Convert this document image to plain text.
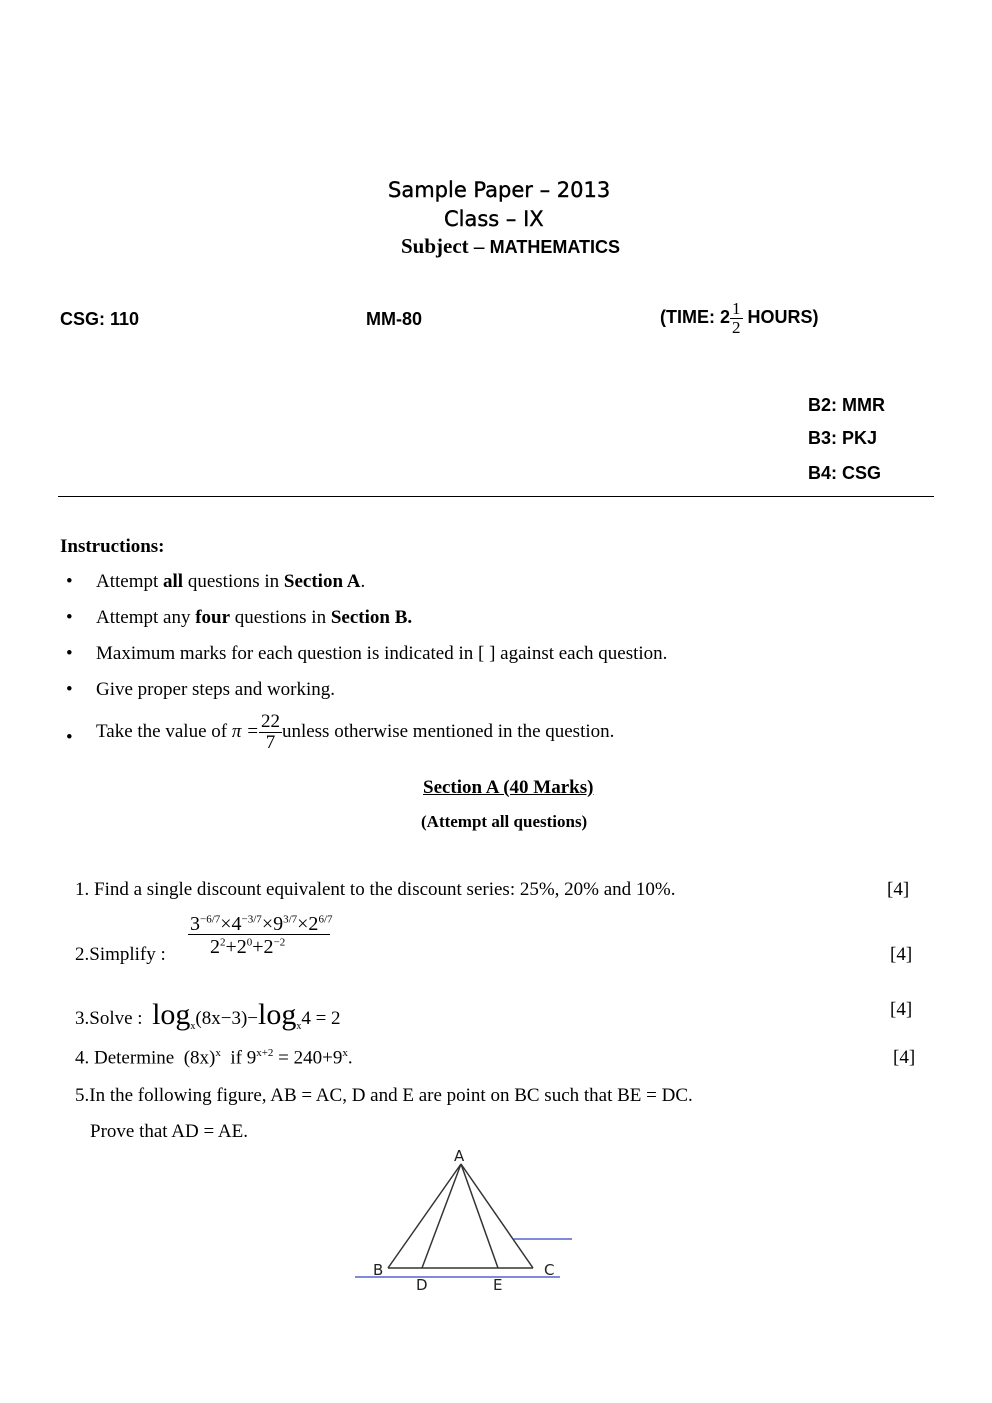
Sample Paper – 2013
Class – IX
Subject – MATHEMATICS
CSG: 110	MM-80	(TIME: $2 \frac{1}{2}$ HOURS)
B2: MMR
B3: PKJ
B4: CSG
Instructions:
• Attempt all questions in Section A.
• Attempt any four questions in Section B.
• Maximum marks for each question is indicated in [ ] against each question.
• Give proper steps and working.
• Take the value of $\pi = \frac{22}{7}$ unless otherwise mentioned in the question.
Section A (40 Marks)
(Attempt all questions)
1. Find a single discount equivalent to the discount series: 25%, 20% and 10%.	[4]
2.Simplify :
$3^{-6/7}\times 4^{-3/7}\times 9^{3/7}\times 2^{6/7}$
$2^2+2^0+2^{-2}$
[4]
3.Solve : $\log_x(8x-3)-\log_x4 = 2$	[4]
4. Determine $(8x)^x$ if $9^{x+2} = 240+9^x$.	[4]
5.In the following figure, AB = AC, D and E are point on BC such that BE = DC.
Prove that AD = AE.
A
B	C
D	E
